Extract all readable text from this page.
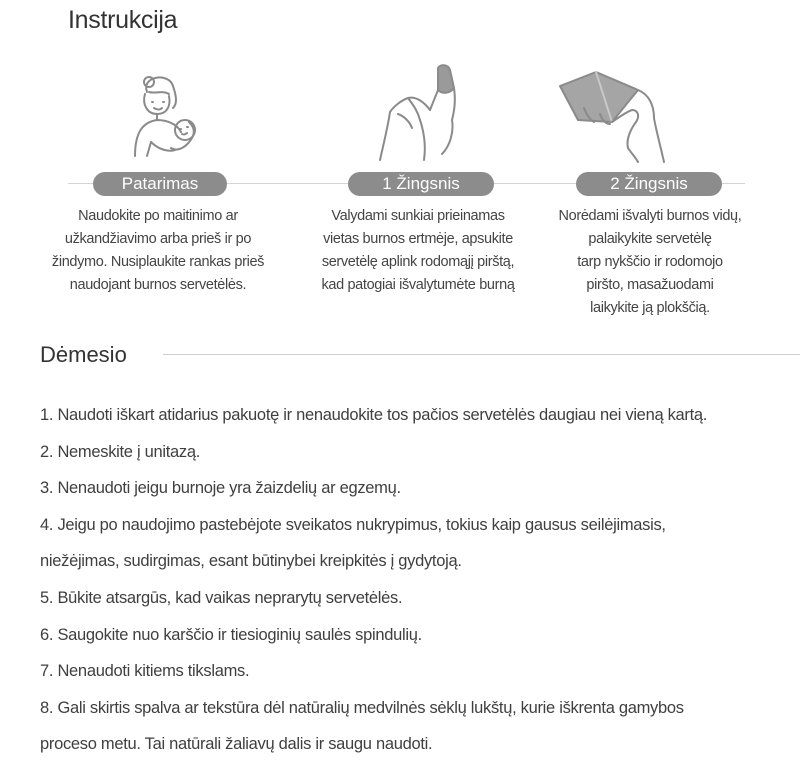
Instrukcija
Patarimas	1 Žingsnis	2 Žingsnis
Naudokite po maitinimo ar
užkandžiavimo arba prieš ir po
žindymo. Nusiplaukite rankas prieš
naudojant burnos servetėlės.
Valydami sunkiai prieinamas
vietas burnos ertmėje, apsukite
servetėlę aplink rodomąjį pirštą,
kad patogiai išvalytumėte burną
Norėdami išvalyti burnos vidų,
palaikykite servetėlę
tarp nykščio ir rodomojo
piršto, masažuodami
laikykite ją plokščią.
Dėmesio
1. Naudoti iškart atidarius pakuotę ir nenaudokite tos pačios servetėlės daugiau nei vieną kartą.
2. Nemeskite į unitazą.
3. Nenaudoti jeigu burnoje yra žaizdelių ar egzemų.
4. Jeigu po naudojimo pastebėjote sveikatos nukrypimus, tokius kaip gausus seilėjimasis,
niežėjimas, sudirgimas, esant būtinybei kreipkitės į gydytoją.
5. Būkite atsargūs, kad vaikas neprarytų servetėlės.
6. Saugokite nuo karščio ir tiesioginių saulės spindulių.
7. Nenaudoti kitiems tikslams.
8. Gali skirtis spalva ar tekstūra dėl natūralių medvilnės sėklų lukštų, kurie iškrenta gamybos
proceso metu. Tai natūrali žaliavų dalis ir saugu naudoti.
